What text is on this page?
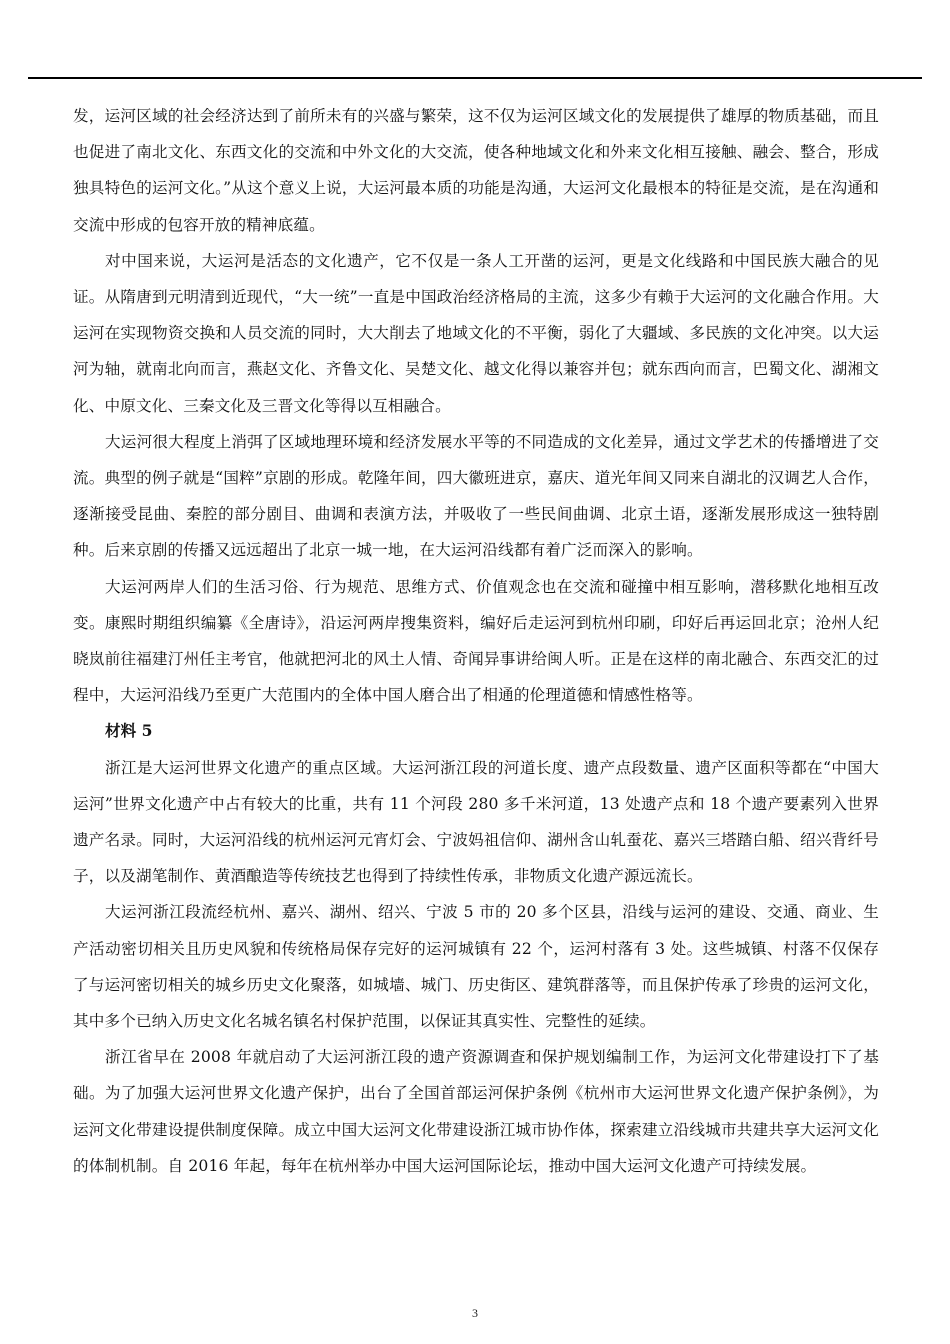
发，运河区域的社会经济达到了前所未有的兴盛与繁荣，这不仅为运河区域文化的发展提供了雄厚的物质基础，而且也促进了南北文化、东西文化的交流和中外文化的大交流，使各种地域文化和外来文化相互接触、融会、整合，形成独具特色的运河文化。”从这个意义上说，大运河最本质的功能是沟通，大运河文化最根本的特征是交流，是在沟通和交流中形成的包容开放的精神底蕴。

对中国来说，大运河是活态的文化遗产，它不仅是一条人工开凿的运河，更是文化线路和中国民族大融合的见证。从隋唐到元明清到近现代，“大一统”一直是中国政治经济格局的主流，这多少有赖于大运河的文化融合作用。大运河在实现物资交换和人员交流的同时，大大削去了地域文化的不平衡，弱化了大疆域、多民族的文化冲突。以大运河为轴，就南北向而言，燕赵文化、齐鲁文化、吴楚文化、越文化得以兼容并包；就东西向而言，巴蜀文化、湖湘文化、中原文化、三秦文化及三晋文化等得以互相融合。

大运河很大程度上消弭了区域地理环境和经济发展水平等的不同造成的文化差异，通过文学艺术的传播增进了交流。典型的例子就是“国粹”京剧的形成。乾隆年间，四大徽班进京，嘉庆、道光年间又同来自湖北的汉调艺人合作，逐渐接受昆曲、秦腔的部分剧目、曲调和表演方法，并吸收了一些民间曲调、北京土语，逐渐发展形成这一独特剧种。后来京剧的传播又远远超出了北京一城一地，在大运河沿线都有着广泛而深入的影响。

大运河两岸人们的生活习俗、行为规范、思维方式、价值观念也在交流和碰撞中相互影响，潜移默化地相互改变。康熙时期组织编纂《全唐诗》，沿运河两岸搜集资料，编好后走运河到杭州印刷，印好后再运回北京；沧州人纪晓岚前往福建汀州任主考官，他就把河北的风土人情、奇闻异事讲给闽人听。正是在这样的南北融合、东西交汇的过程中，大运河沿线乃至更广大范围内的全体中国人磨合出了相通的伦理道德和情感性格等。

材料 5

浙江是大运河世界文化遗产的重点区域。大运河浙江段的河道长度、遗产点段数量、遗产区面积等都在“中国大运河”世界文化遗产中占有较大的比重，共有 11 个河段 280 多千米河道，13 处遗产点和 18 个遗产要素列入世界遗产名录。同时，大运河沿线的杭州运河元宵灯会、宁波妈祖信仰、湖州含山轧蚕花、嘉兴三塔踏白船、绍兴背纤号子，以及湖笔制作、黄酒酿造等传统技艺也得到了持续性传承，非物质文化遗产源远流长。

大运河浙江段流经杭州、嘉兴、湖州、绍兴、宁波 5 市的 20 多个区县，沿线与运河的建设、交通、商业、生产活动密切相关且历史风貌和传统格局保存完好的运河城镇有 22 个，运河村落有 3 处。这些城镇、村落不仅保存了与运河密切相关的城乡历史文化聚落，如城墙、城门、历史街区、建筑群落等，而且保护传承了珍贵的运河文化，其中多个已纳入历史文化名城名镇名村保护范围，以保证其真实性、完整性的延续。

浙江省早在 2008 年就启动了大运河浙江段的遗产资源调查和保护规划编制工作，为运河文化带建设打下了基础。为了加强大运河世界文化遗产保护，出台了全国首部运河保护条例《杭州市大运河世界文化遗产保护条例》，为运河文化带建设提供制度保障。成立中国大运河文化带建设浙江城市协作体，探索建立沿线城市共建共享大运河文化的体制机制。自 2016 年起，每年在杭州举办中国大运河国际论坛，推动中国大运河文化遗产可持续发展。

3
